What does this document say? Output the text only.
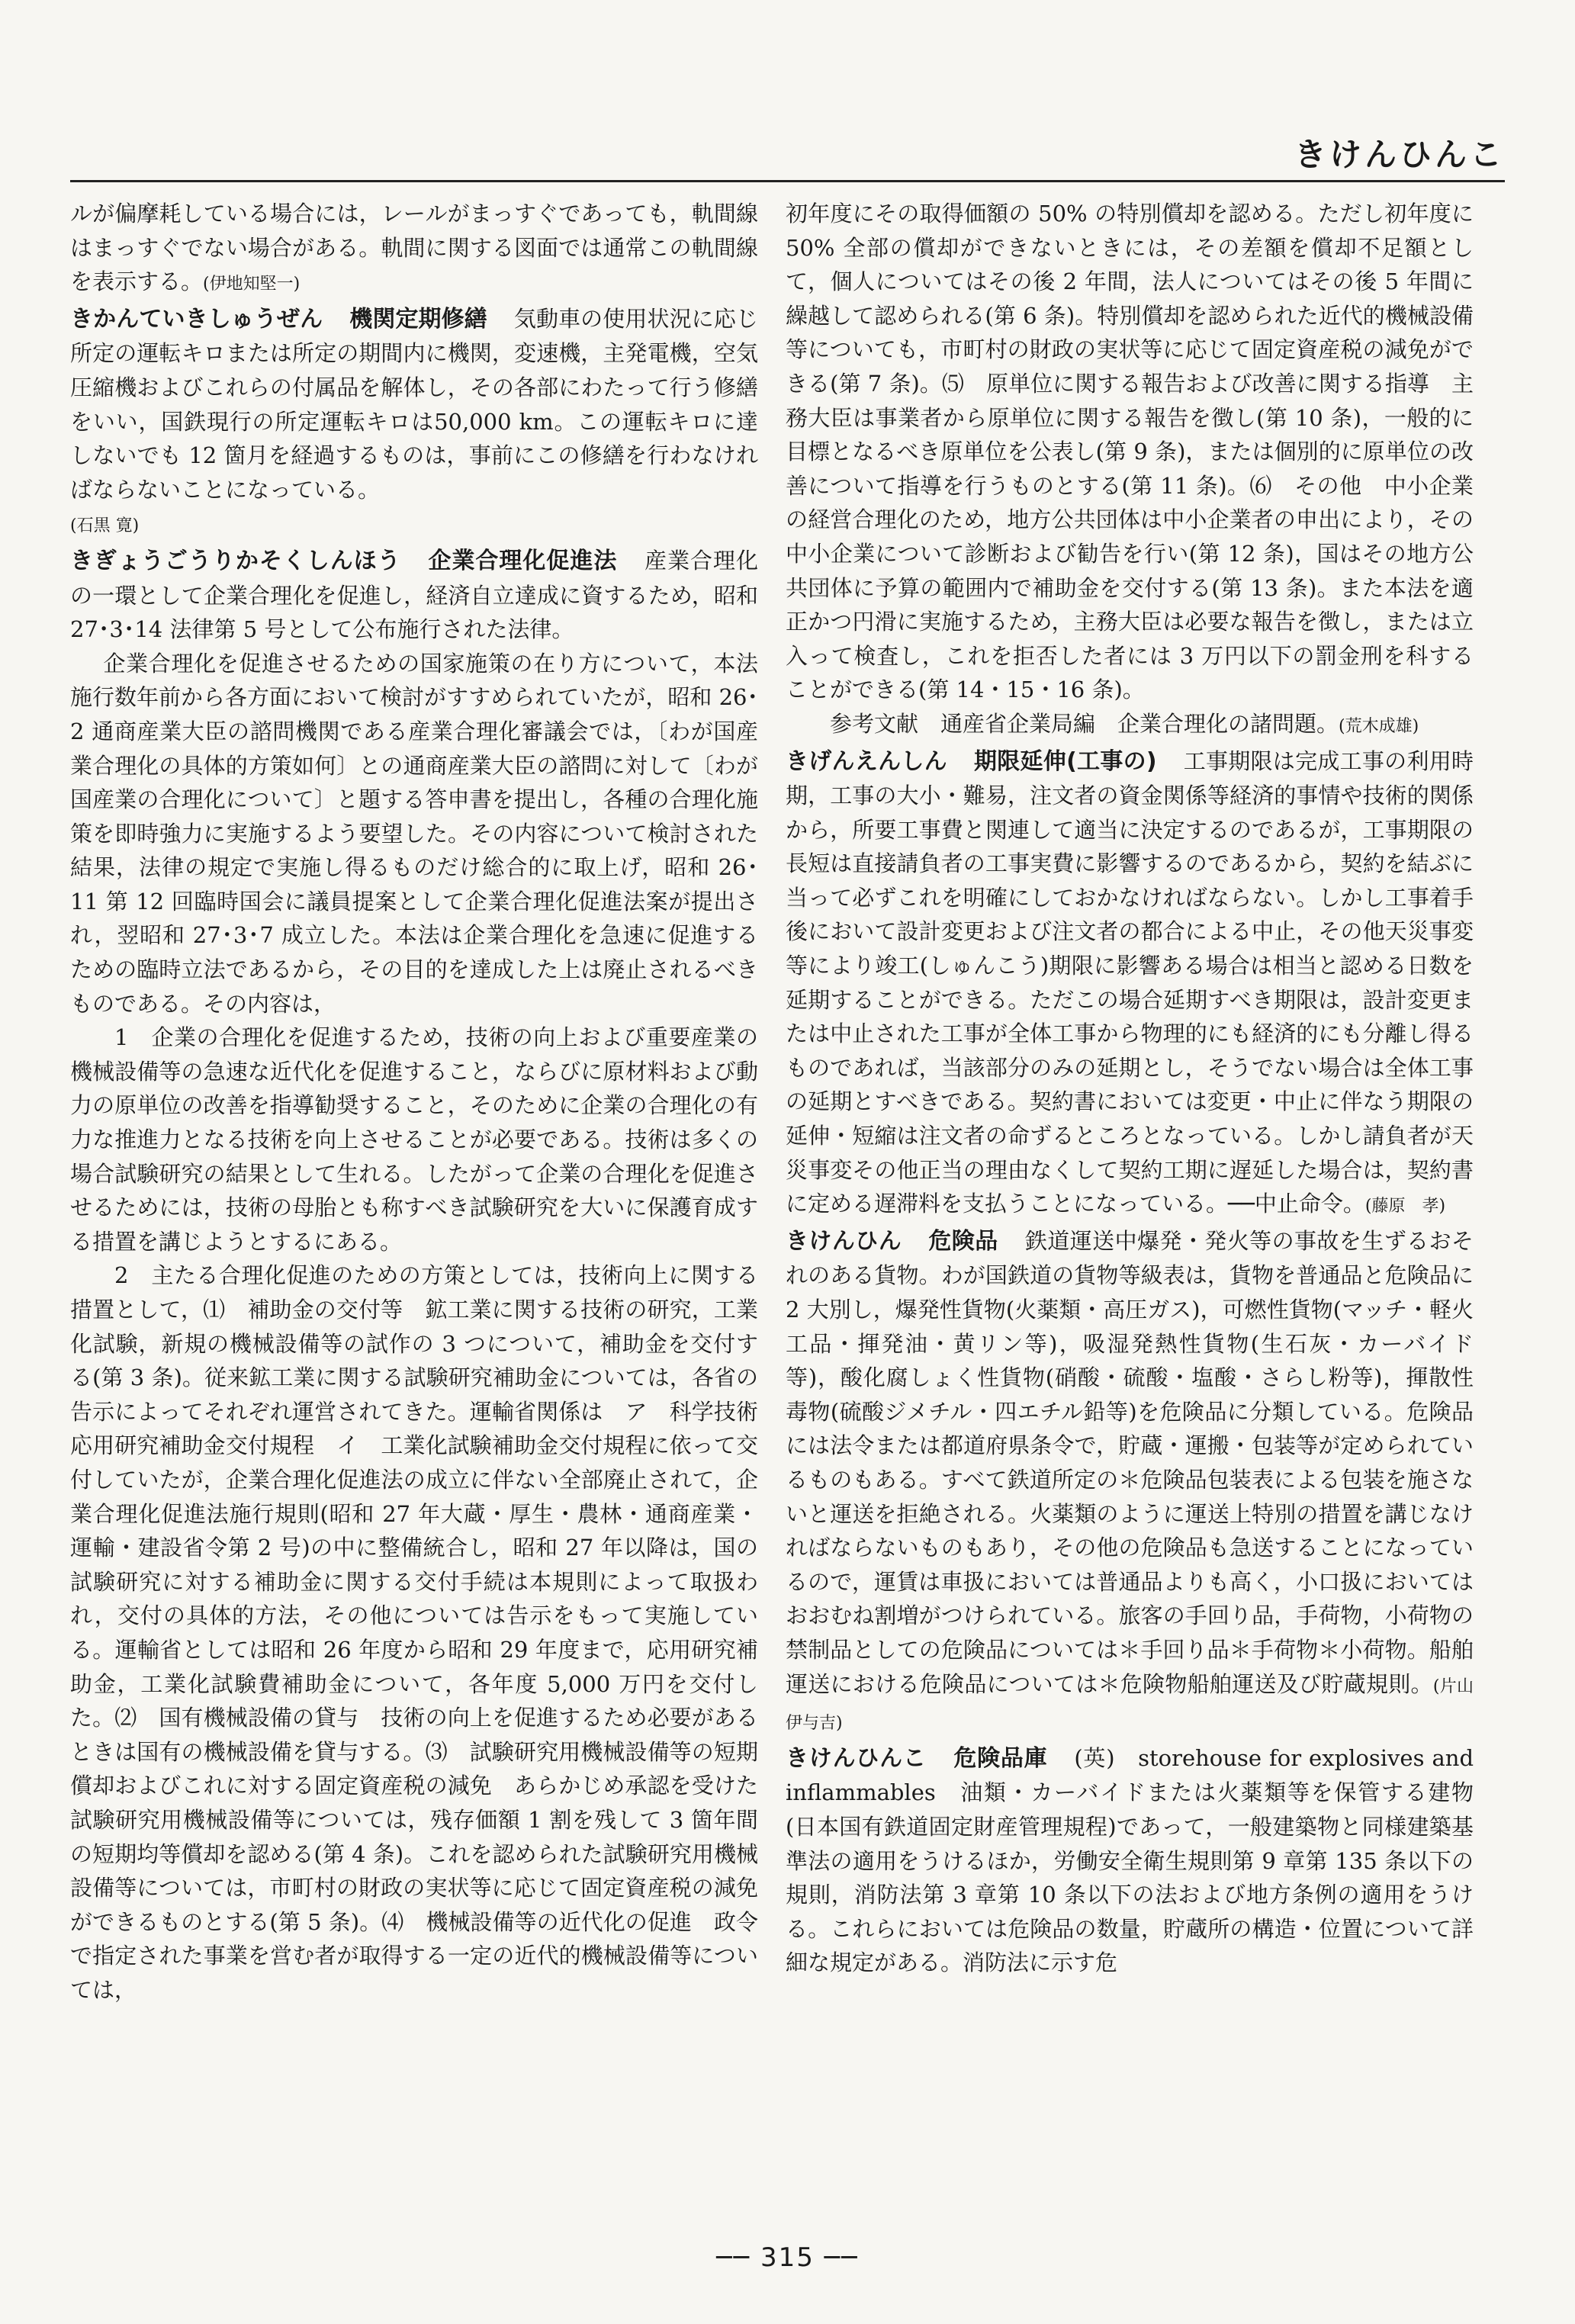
きけんひんこ

ルが偏摩耗している場合には，レールがまっすぐであっても，軌間線はまっすぐでない場合がある。軌間に関する図面では通常この軌間線を表示する。(伊地知堅一)

きかんていきしゅうぜん 機関定期修繕 気動車の使用状況に応じ所定の運転キロまたは所定の期間内に機関，変速機，主発電機，空気圧縮機およびこれらの付属品を解体し，その各部にわたって行う修繕をいい，国鉄現行の所定運転キロは50,000 km。この運転キロに達しないでも 12 箇月を経過するものは，事前にこの修繕を行わなければならないことになっている。
(石黒 寛)

きぎょうごうりかそくしんほう 企業合理化促進法 産業合理化の一環として企業合理化を促進し，経済自立達成に資するため，昭和 27･3･14 法律第 5 号として公布施行された法律。

企業合理化を促進させるための国家施策の在り方について，本法施行数年前から各方面において検討がすすめられていたが，昭和 26･2 通商産業大臣の諮問機関である産業合理化審議会では，〔わが国産業合理化の具体的方策如何〕との通商産業大臣の諮問に対して〔わが国産業の合理化について〕と題する答申書を提出し，各種の合理化施策を即時強力に実施するよう要望した。その内容について検討された結果，法律の規定で実施し得るものだけ総合的に取上げ，昭和 26･11 第 12 回臨時国会に議員提案として企業合理化促進法案が提出され，翌昭和 27･3･7 成立した。本法は企業合理化を急速に促進するための臨時立法であるから，その目的を達成した上は廃止されるべきものである。その内容は，

1　企業の合理化を促進するため，技術の向上および重要産業の機械設備等の急速な近代化を促進すること，ならびに原材料および動力の原単位の改善を指導勧奨すること，そのために企業の合理化の有力な推進力となる技術を向上させることが必要である。技術は多くの場合試験研究の結果として生れる。したがって企業の合理化を促進させるためには，技術の母胎とも称すべき試験研究を大いに保護育成する措置を講じようとするにある。

2　主たる合理化促進のための方策としては，技術向上に関する措置として，⑴　補助金の交付等　鉱工業に関する技術の研究，工業化試験，新規の機械設備等の試作の 3 つについて，補助金を交付する(第 3 条)。従来鉱工業に関する試験研究補助金については，各省の告示によってそれぞれ運営されてきた。運輸省関係は　ア　科学技術応用研究補助金交付規程　イ　工業化試験補助金交付規程に依って交付していたが，企業合理化促進法の成立に伴ない全部廃止されて，企業合理化促進法施行規則(昭和 27 年大蔵・厚生・農林・通商産業・運輸・建設省令第 2 号)の中に整備統合し，昭和 27 年以降は，国の試験研究に対する補助金に関する交付手続は本規則によって取扱われ，交付の具体的方法，その他については告示をもって実施している。運輸省としては昭和 26 年度から昭和 29 年度まで，応用研究補助金，工業化試験費補助金について，各年度 5,000 万円を交付した。⑵　国有機械設備の貸与　技術の向上を促進するため必要があるときは国有の機械設備を貸与する。⑶　試験研究用機械設備等の短期償却およびこれに対する固定資産税の減免　あらかじめ承認を受けた試験研究用機械設備等については，残存価額 1 割を残して 3 箇年間の短期均等償却を認める(第 4 条)。これを認められた試験研究用機械設備等については，市町村の財政の実状等に応じて固定資産税の減免ができるものとする(第 5 条)。⑷　機械設備等の近代化の促進　政令で指定された事業を営む者が取得する一定の近代的機械設備等については，

初年度にその取得価額の 50% の特別償却を認める。ただし初年度に 50% 全部の償却ができないときには，その差額を償却不足額として，個人についてはその後 2 年間，法人についてはその後 5 年間に繰越して認められる(第 6 条)。特別償却を認められた近代的機械設備等についても，市町村の財政の実状等に応じて固定資産税の減免ができる(第 7 条)。⑸　原単位に関する報告および改善に関する指導　主務大臣は事業者から原単位に関する報告を徴し(第 10 条)，一般的に目標となるべき原単位を公表し(第 9 条)，または個別的に原単位の改善について指導を行うものとする(第 11 条)。⑹　その他　中小企業の経営合理化のため，地方公共団体は中小企業者の申出により，その中小企業について診断および勧告を行い(第 12 条)，国はその地方公共団体に予算の範囲内で補助金を交付する(第 13 条)。また本法を適正かつ円滑に実施するため，主務大臣は必要な報告を徴し，または立入って検査し，これを拒否した者には 3 万円以下の罰金刑を科することができる(第 14・15・16 条)。

参考文献　通産省企業局編　企業合理化の諸問題。(荒木成雄)

きげんえんしん 期限延伸(工事の) 工事期限は完成工事の利用時期，工事の大小・難易，注文者の資金関係等経済的事情や技術的関係から，所要工事費と関連して適当に決定するのであるが，工事期限の長短は直接請負者の工事実費に影響するのであるから，契約を結ぶに当って必ずこれを明確にしておかなければならない。しかし工事着手後において設計変更および注文者の都合による中止，その他天災事変等により竣工(しゅんこう)期限に影響ある場合は相当と認める日数を延期することができる。ただこの場合延期すべき期限は，設計変更または中止された工事が全体工事から物理的にも経済的にも分離し得るものであれば，当該部分のみの延期とし，そうでない場合は全体工事の延期とすべきである。契約書においては変更・中止に伴なう期限の延伸・短縮は注文者の命ずるところとなっている。しかし請負者が天災事変その他正当の理由なくして契約工期に遅延した場合は，契約書に定める遅滞料を支払うことになっている。──中止命令。(藤原　孝)

きけんひん 危険品 鉄道運送中爆発・発火等の事故を生ずるおそれのある貨物。わが国鉄道の貨物等級表は，貨物を普通品と危険品に 2 大別し，爆発性貨物(火薬類・高圧ガス)，可燃性貨物(マッチ・軽火工品・揮発油・黄リン等)，吸湿発熱性貨物(生石灰・カーバイド等)，酸化腐しょく性貨物(硝酸・硫酸・塩酸・さらし粉等)，揮散性毒物(硫酸ジメチル・四エチル鉛等)を危険品に分類している。危険品には法令または都道府県条令で，貯蔵・運搬・包装等が定められているものもある。すべて鉄道所定の＊危険品包装表による包装を施さないと運送を拒絶される。火薬類のように運送上特別の措置を講じなければならないものもあり，その他の危険品も急送することになっているので，運賃は車扱においては普通品よりも高く，小口扱においてはおおむね割増がつけられている。旅客の手回り品，手荷物，小荷物の禁制品としての危険品については＊手回り品＊手荷物＊小荷物。船舶運送における危険品については＊危険物船舶運送及び貯蔵規則。(片山伊与吉)

きけんひんこ 危険品庫 (英)　storehouse for explosives and inflammables　油類・カーバイドまたは火薬類等を保管する建物(日本国有鉄道固定財産管理規程)であって，一般建築物と同様建築基準法の適用をうけるほか，労働安全衛生規則第 9 章第 135 条以下の規則，消防法第 3 章第 10 条以下の法および地方条例の適用をうける。これらにおいては危険品の数量，貯蔵所の構造・位置について詳細な規定がある。消防法に示す危

── 315 ──
